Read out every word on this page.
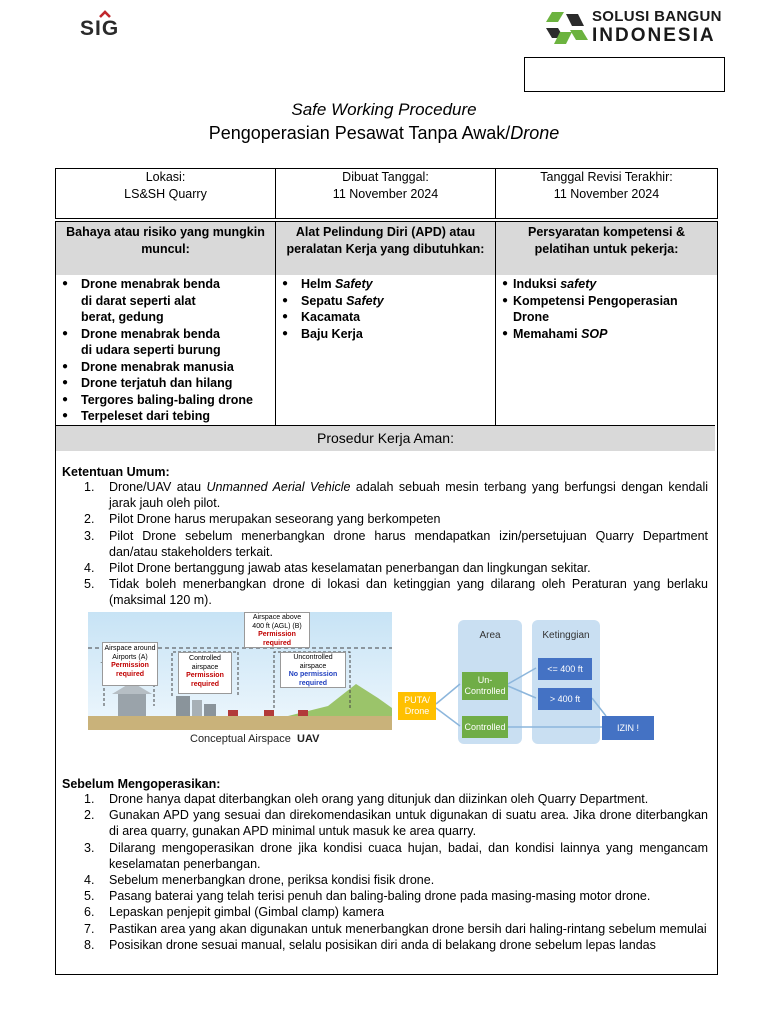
SIG
SOLUSI BANGUN
INDONESIA
Safe Working Procedure
Pengoperasian Pesawat Tanpa Awak/Drone
Lokasi:
LS&SH Quarry
Dibuat Tanggal:
11 November 2024
Tanggal Revisi Terakhir:
11 November 2024
Bahaya atau risiko yang mungkin
muncul:
Alat Pelindung Diri (APD) atau
peralatan Kerja yang dibutuhkan:
Persyaratan kompetensi &
pelatihan untuk pekerja:
● Drone menabrak benda
di darat seperti alat
berat, gedung
● Drone menabrak benda
di udara seperti burung
● Drone menabrak manusia
● Drone terjatuh dan hilang
● Tergores baling-baling drone
● Terpeleset dari tebing
● Helm Safety
● Sepatu Safety
● Kacamata
● Baju Kerja
● Induksi safety
● Kompetensi Pengoperasian
Drone
● Memahami SOP
Prosedur Kerja Aman:
Ketentuan Umum:
1. Drone/UAV atau Unmanned Aerial Vehicle adalah sebuah mesin terbang yang berfungsi dengan kendali jarak jauh oleh pilot.
2. Pilot Drone harus merupakan seseorang yang berkompeten
3. Pilot Drone sebelum menerbangkan drone harus mendapatkan izin/persetujuan Quarry Department dan/atau stakeholders terkait.
4. Pilot Drone bertanggung jawab atas keselamatan penerbangan dan lingkungan sekitar.
5. Tidak boleh menerbangkan drone di lokasi dan ketinggian yang dilarang oleh Peraturan yang berlaku (maksimal 120 m).
Airspace around
Airports (A)
Permission
required
Controlled
airspace
Permission
required
Airspace above
400 ft (AGL) (B)
Permission
required
Uncontrolled
airspace
No permission
required
Conceptual Airspace UAV
Area	Ketinggian
PUTA/
Drone
Un-
Controlled
Controlled
<= 400 ft
> 400 ft
IZIN !
Sebelum Mengoperasikan:
1. Drone hanya dapat diterbangkan oleh orang yang ditunjuk dan diizinkan oleh Quarry Department.
2. Gunakan APD yang sesuai dan direkomendasikan untuk digunakan di suatu area. Jika drone diterbangkan di area quarry, gunakan APD minimal untuk masuk ke area quarry.
3. Dilarang mengoperasikan drone jika kondisi cuaca hujan, badai, dan kondisi lainnya yang mengancam keselamatan penerbangan.
4. Sebelum menerbangkan drone, periksa kondisi fisik drone.
5. Pasang baterai yang telah terisi penuh dan baling-baling drone pada masing-masing motor drone.
6. Lepaskan penjepit gimbal (Gimbal clamp) kamera
7. Pastikan area yang akan digunakan untuk menerbangkan drone bersih dari haling-rintang sebelum memulai
8. Posisikan drone sesuai manual, selalu posisikan diri anda di belakang drone sebelum lepas landas
